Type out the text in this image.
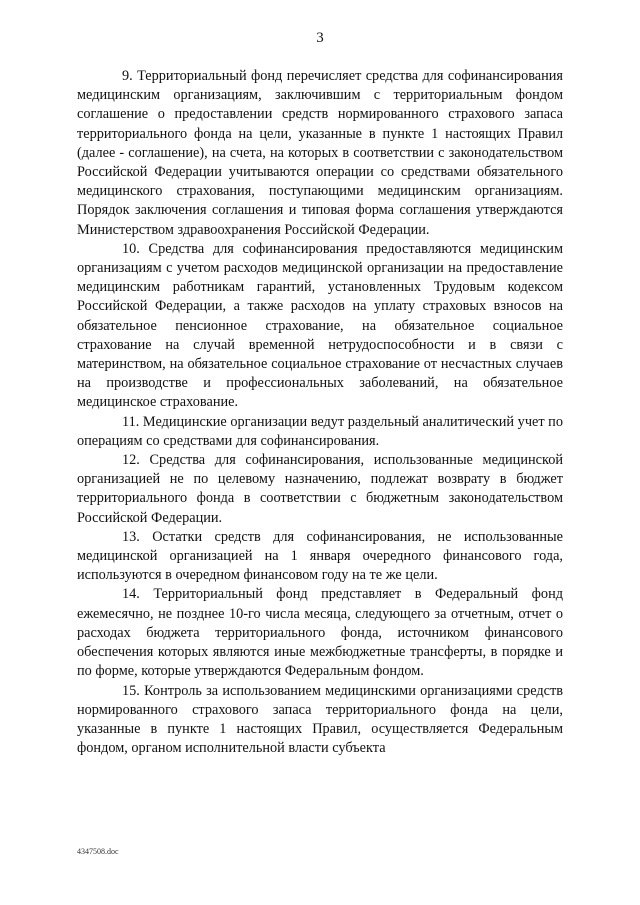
3

9. Территориальный фонд перечисляет средства для софинансирования медицинским организациям, заключившим с территориальным фондом соглашение о предоставлении средств нормированного страхового запаса территориального фонда на цели, указанные в пункте 1 настоящих Правил (далее - соглашение), на счета, на которых в соответствии с законодательством Российской Федерации учитываются операции со средствами обязательного медицинского страхования, поступающими медицинским организациям. Порядок заключения соглашения и типовая форма соглашения утверждаются Министерством здравоохранения Российской Федерации.

10. Средства для софинансирования предоставляются медицинским организациям с учетом расходов медицинской организации на предоставление медицинским работникам гарантий, установленных Трудовым кодексом Российской Федерации, а также расходов на уплату страховых взносов на обязательное пенсионное страхование, на обязательное социальное страхование на случай временной нетрудоспособности и в связи с материнством, на обязательное социальное страхование от несчастных случаев на производстве и профессиональных заболеваний, на обязательное медицинское страхование.

11. Медицинские организации ведут раздельный аналитический учет по операциям со средствами для софинансирования.

12. Средства для софинансирования, использованные медицинской организацией не по целевому назначению, подлежат возврату в бюджет территориального фонда в соответствии с бюджетным законодательством Российской Федерации.

13. Остатки средств для софинансирования, не использованные медицинской организацией на 1 января очередного финансового года, используются в очередном финансовом году на те же цели.

14. Территориальный фонд представляет в Федеральный фонд ежемесячно, не позднее 10-го числа месяца, следующего за отчетным, отчет о расходах бюджета территориального фонда, источником финансового обеспечения которых являются иные межбюджетные трансферты, в порядке и по форме, которые утверждаются Федеральным фондом.

15. Контроль за использованием медицинскими организациями средств нормированного страхового запаса территориального фонда на цели, указанные в пункте 1 настоящих Правил, осуществляется Федеральным фондом, органом исполнительной власти субъекта

4347508.doc
